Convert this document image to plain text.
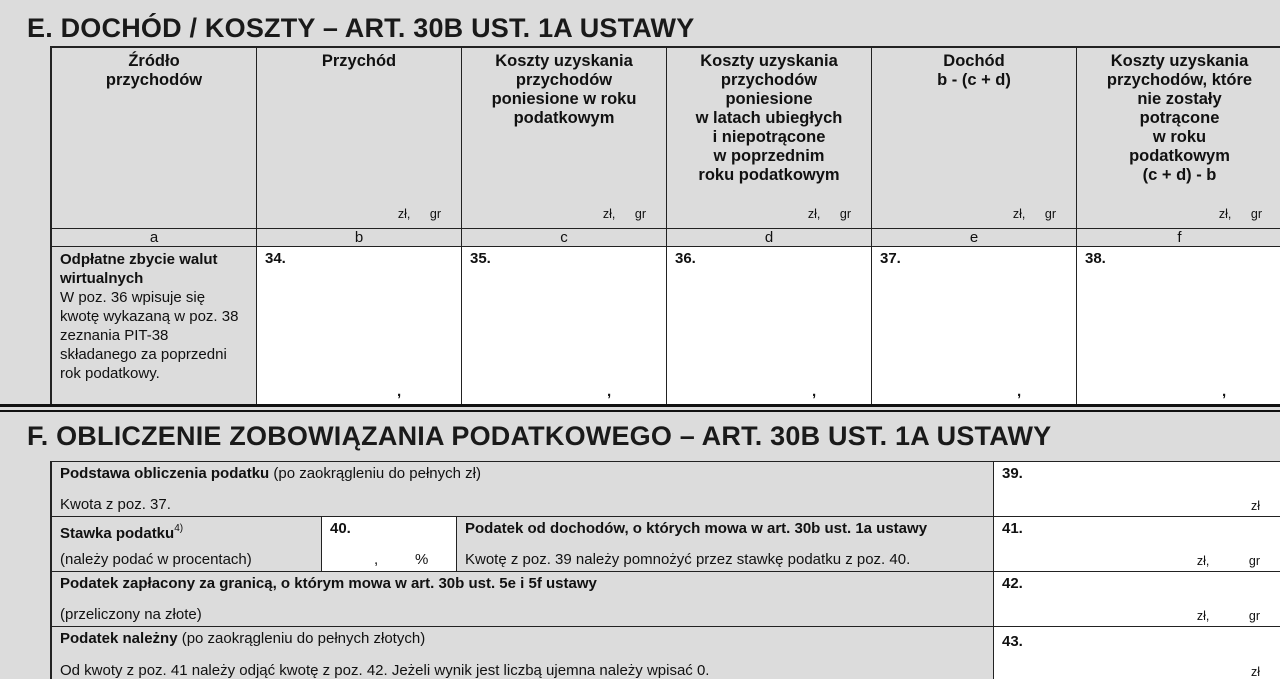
E. DOCHÓD / KOSZTY – ART. 30B UST. 1A USTAWY
Źródło
przychodów
a
Odpłatne zbycie walut wirtualnych
W poz. 36 wpisuje się kwotę wykazaną w poz. 38 zeznania PIT-38 składanego za poprzedni rok podatkowy.
Przychód
zł, gr
b
34.
,
Koszty uzyskania
przychodów
poniesione w roku
podatkowym
zł, gr
c
35.
,
Koszty uzyskania
przychodów
poniesione
w latach ubiegłych
i niepotrącone
w poprzednim
roku podatkowym
zł, gr
d
36.
,
Dochód
b - (c + d)
zł, gr
e
37.
,
Koszty uzyskania
przychodów, które
nie zostały
potrącone
w roku
podatkowym
(c + d) - b
zł, gr
f
38.
,
F. OBLICZENIE ZOBOWIĄZANIA PODATKOWEGO – ART. 30B UST. 1A USTAWY
Podstawa obliczenia podatku (po zaokrągleniu do pełnych zł)
Kwota z poz. 37.
39.
zł
Stawka podatku$^{4)}$
(należy podać w procentach)
40.
, %
Podatek od dochodów, o których mowa w art. 30b ust. 1a ustawy
Kwotę z poz. 39 należy pomnożyć przez stawkę podatku z poz. 40.
41.
zł, gr
Podatek zapłacony za granicą, o którym mowa w art. 30b ust. 5e i 5f ustawy
(przeliczony na złote)
42.
zł, gr
Podatek należny (po zaokrągleniu do pełnych złotych)
Od kwoty z poz. 41 należy odjąć kwotę z poz. 42. Jeżeli wynik jest liczbą ujemna należy wpisać 0.
43.
zł
